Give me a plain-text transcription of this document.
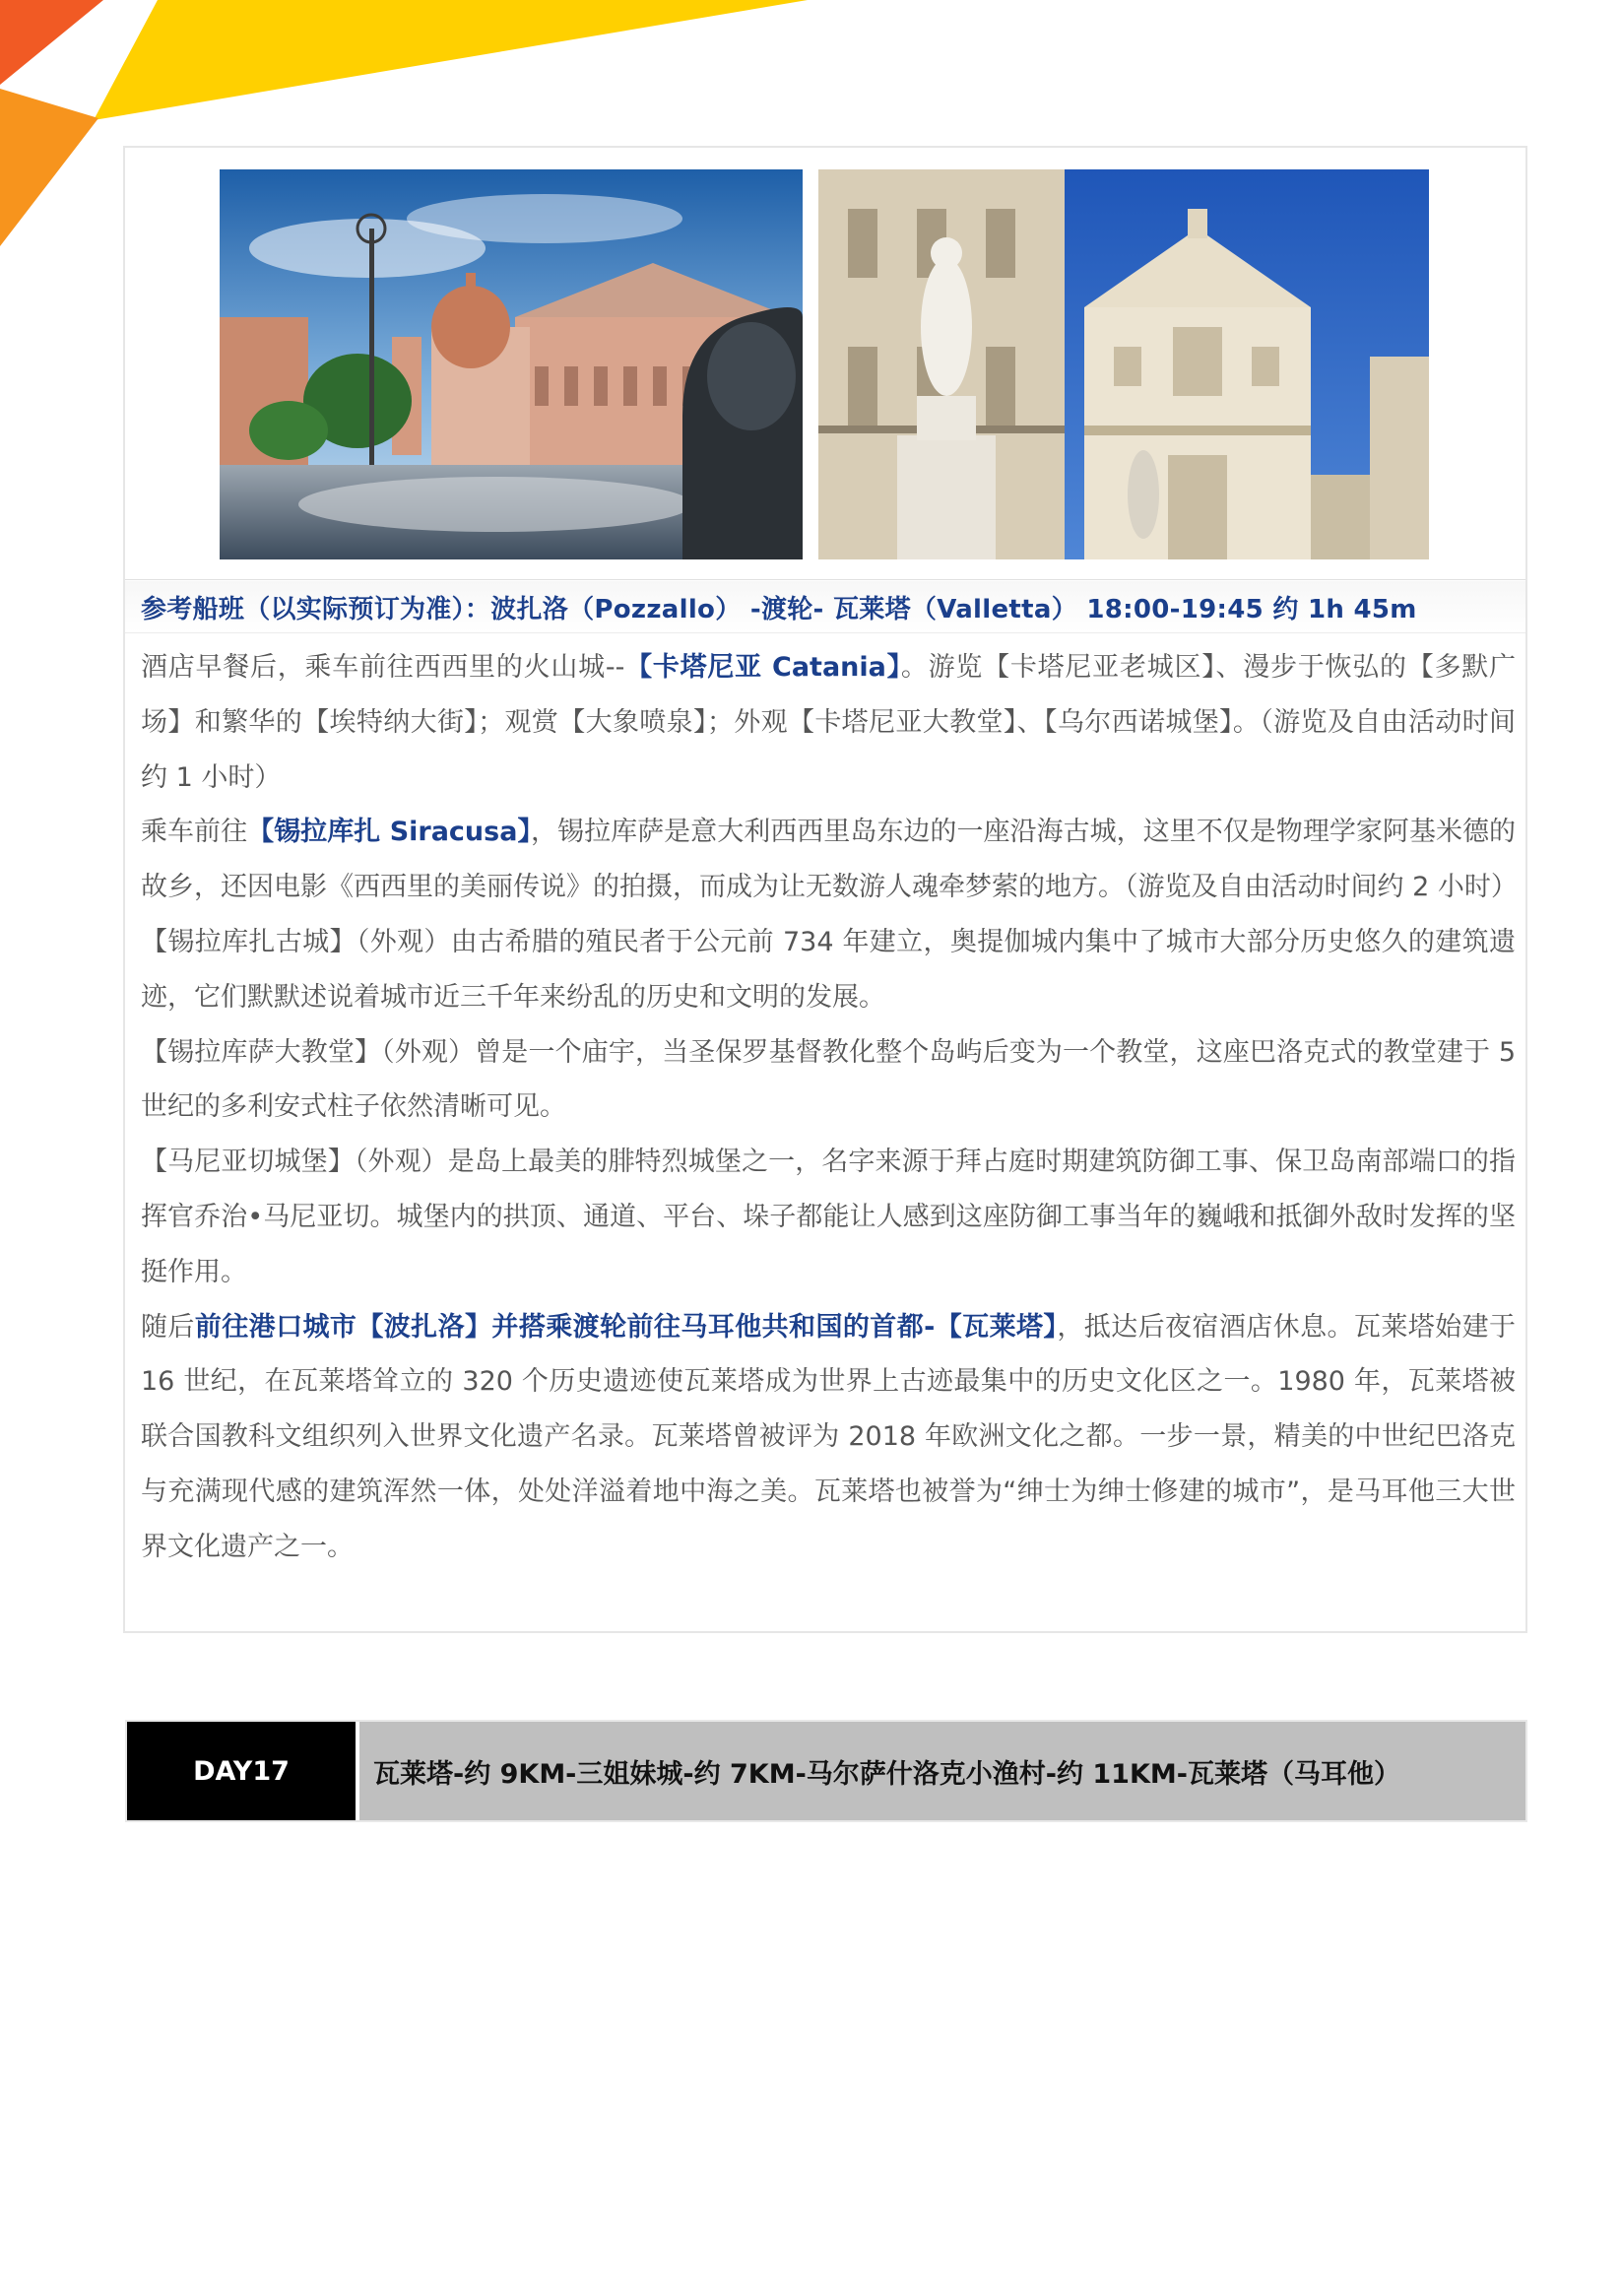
参考船班（以实际预订为准）：波扎洛（Pozzallo） -渡轮- 瓦莱塔（Valletta） 18:00-19:45 约 1h 45m

酒店早餐后，乘车前往西西里的火山城--【卡塔尼亚 Catania】。游览【卡塔尼亚老城区】、漫步于恢弘的【多默广场】和繁华的【埃特纳大街】；观赏【大象喷泉】；外观【卡塔尼亚大教堂】、【乌尔西诺城堡】。（游览及自由活动时间约 1 小时）

乘车前往【锡拉库扎 Siracusa】，锡拉库萨是意大利西西里岛东边的一座沿海古城，这里不仅是物理学家阿基米德的故乡，还因电影《西西里的美丽传说》的拍摄，而成为让无数游人魂牵梦萦的地方。（游览及自由活动时间约 2 小时）

【锡拉库扎古城】（外观）由古希腊的殖民者于公元前 734 年建立，奥提伽城内集中了城市大部分历史悠久的建筑遗迹，它们默默述说着城市近三千年来纷乱的历史和文明的发展。

【锡拉库萨大教堂】（外观）曾是一个庙宇，当圣保罗基督教化整个岛屿后变为一个教堂，这座巴洛克式的教堂建于 5 世纪的多利安式柱子依然清晰可见。

【马尼亚切城堡】（外观）是岛上最美的腓特烈城堡之一，名字来源于拜占庭时期建筑防御工事、保卫岛南部端口的指挥官乔治•马尼亚切。城堡内的拱顶、通道、平台、垛子都能让人感到这座防御工事当年的巍峨和抵御外敌时发挥的坚挺作用。

随后前往港口城市【波扎洛】并搭乘渡轮前往马耳他共和国的首都-【瓦莱塔】，抵达后夜宿酒店休息。瓦莱塔始建于 16 世纪，在瓦莱塔耸立的 320 个历史遗迹使瓦莱塔成为世界上古迹最集中的历史文化区之一。1980 年，瓦莱塔被联合国教科文组织列入世界文化遗产名录。瓦莱塔曾被评为 2018 年欧洲文化之都。一步一景，精美的中世纪巴洛克与充满现代感的建筑浑然一体，处处洋溢着地中海之美。瓦莱塔也被誉为“绅士为绅士修建的城市”，是马耳他三大世界文化遗产之一。

DAY17	瓦莱塔-约 9KM-三姐妹城-约 7KM-马尔萨什洛克小渔村-约 11KM-瓦莱塔（马耳他）
